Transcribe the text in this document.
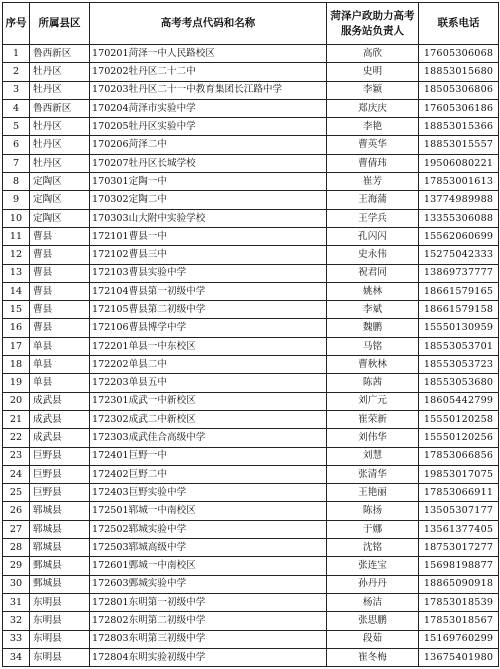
序号	所属县区	高考考点代码和名称	菏泽户政助力高考服务站负责人	联系电话
1	鲁西新区	170201菏泽一中人民路校区	高欣	17605306068
2	牡丹区	170202牡丹区二十二中	史明	18853015680
3	牡丹区	170203牡丹区二十一中教育集团长江路中学	李颖	18505306806
4	鲁西新区	170204菏泽市实验中学	郑庆庆	17605306186
5	牡丹区	170205牡丹区实验中学	李艳	18853015366
6	牡丹区	170206菏泽二中	曹英华	18853015557
7	牡丹区	170207牡丹区长城学校	曹倩玮	19506080221
8	定陶区	170301定陶一中	崔芳	17853001613
9	定陶区	170302定陶二中	王海蒲	13774989988
10	定陶区	170303山大附中实验学校	王学兵	13355306088
11	曹县	172101曹县一中	孔闪闪	15562060699
12	曹县	172102曹县三中	史永伟	15275042333
13	曹县	172103曹县实验中学	祝君同	13869737777
14	曹县	172104曹县第一初级中学	姚林	18661579165
15	曹县	172105曹县第二初级中学	李斌	18661579158
16	曹县	172106曹县博学中学	魏鹏	15550130959
17	单县	172201单县一中东校区	马铭	18553053701
18	单县	172202单县二中	曹秋林	18553053723
19	单县	172203单县五中	陈茜	18553053680
20	成武县	172301成武一中新校区	刘广元	18605442799
21	成武县	172302成武二中新校区	崔荣新	15550120258
22	成武县	172303成武佳合高级中学	刘伟华	15550120256
23	巨野县	172401巨野一中	刘慧	17853066856
24	巨野县	172402巨野二中	张清华	19853017075
25	巨野县	172403巨野实验中学	王艳丽	17853066911
26	郓城县	172501郓城一中南校区	陈扬	13505307177
27	郓城县	172502郓城实验中学	于娜	13561377405
28	郓城县	172503郓城高级中学	沈铭	18753017277
29	鄄城县	172601鄄城一中南校区	张连宝	15698198877
30	鄄城县	172603鄄城实验中学	孙丹丹	18865090918
31	东明县	172801东明第一初级中学	杨洁	17853018539
32	东明县	172802东明第二初级中学	张思鹏	17853018567
33	东明县	172803东明第三初级中学	段茹	15169760299
34	东明县	172804东明实验初级中学	崔冬梅	13675401980
